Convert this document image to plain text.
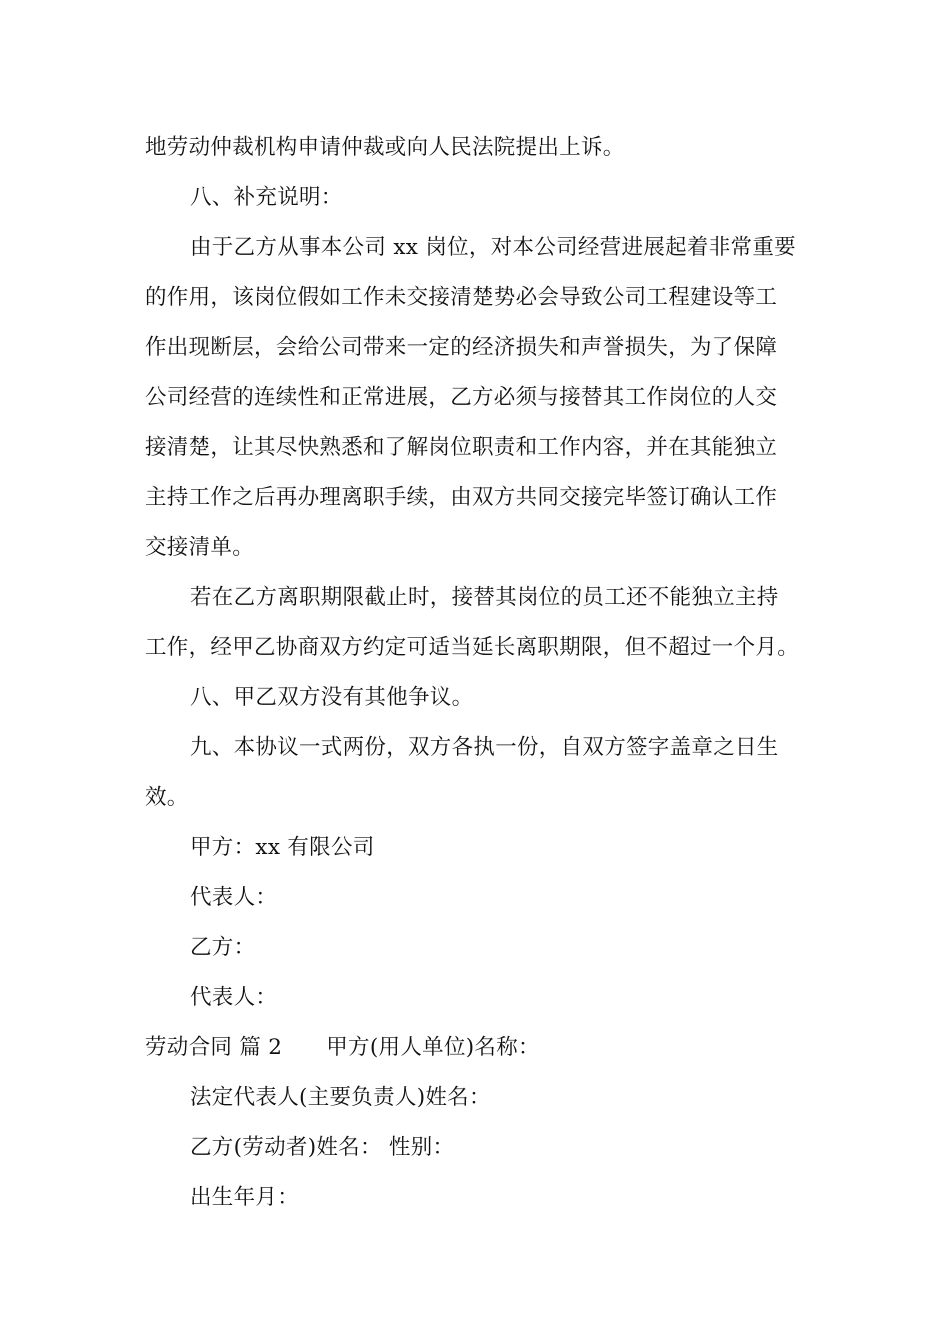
地劳动仲裁机构申请仲裁或向人民法院提出上诉。
八、补充说明：
由于乙方从事本公司 xx 岗位，对本公司经营进展起着非常重要
的作用，该岗位假如工作未交接清楚势必会导致公司工程建设等工
作出现断层，会给公司带来一定的经济损失和声誉损失，为了保障
公司经营的连续性和正常进展，乙方必须与接替其工作岗位的人交
接清楚，让其尽快熟悉和了解岗位职责和工作内容，并在其能独立
主持工作之后再办理离职手续，由双方共同交接完毕签订确认工作
交接清单。
若在乙方离职期限截止时，接替其岗位的员工还不能独立主持
工作，经甲乙协商双方约定可适当延长离职期限，但不超过一个月。
八、甲乙双方没有其他争议。
九、本协议一式两份，双方各执一份，自双方签字盖章之日生
效。
甲方：xx 有限公司
代表人：
乙方：
代表人：
劳动合同 篇 2 甲方(用人单位)名称：
法定代表人(主要负责人)姓名：
乙方(劳动者)姓名： 性别：
出生年月：
